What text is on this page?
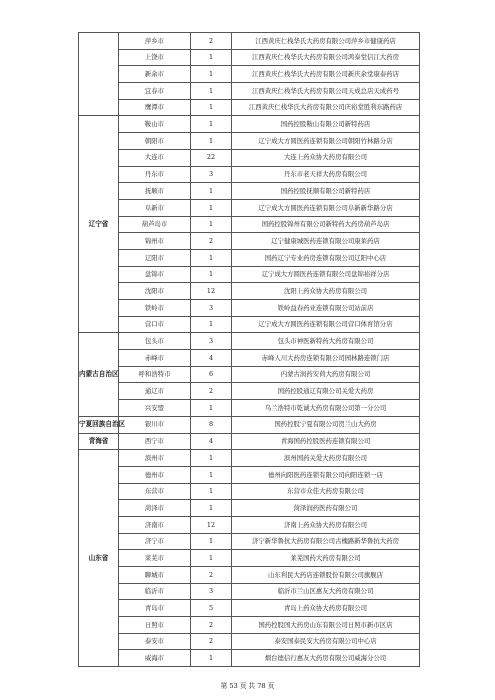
	萍乡市	2	江西黄庆仁栈华氏大药房有限公司萍乡市健康药店
	上饶市	1	江西黄庆仁栈华氏大药房有限公司鸿泰堂信江大药房
	新余市	1	江西黄庆仁栈华氏大药房有限公司新庆余堂康泰药店
	宜春市	1	江西黄庆仁栈华氏大药房有限公司天成总店天成药号
	鹰潭市	1	江西黄庆仁栈华氏大药房有限公司庆裕堂胜利东路药店
辽宁省	鞍山市	1	国药控股鞍山有限公司新特药店
	朝阳市	1	辽宁成大方圆医药连锁有限公司朝阳竹林路分店
	大连市	22	大连上药众协大药房有限公司
	丹东市	3	丹东市老天祥大药房有限公司
	抚顺市	1	国药控股抚顺有限公司新特药店
	阜新市	1	辽宁成大方圆医药连锁有限公司阜新新华路分店
	葫芦岛市	1	国药控股锦州有限公司新特药大药房葫芦岛店
	锦州市	2	辽宁健康城医药连锁有限公司康莱药店
	辽阳市	1	国药辽宁专业药房连锁有限公司辽阳中心店
	盘锦市	1	辽宁成大方圆医药连锁有限公司盘锦裕祥分店
	沈阳市	12	沈阳上药众协大药房有限公司
	铁岭市	3	铁岭益春药业连锁有限公司站前店
	营口市	1	辽宁成大方圆医药连锁有限公司营口体育馆分店
内蒙古自治区	包头市	3	包头市神医新特药大药房有限公司
	赤峰市	4	赤峰人川大药房连锁有限公司园林路连锁门店
	呼和浩特市	6	内蒙古润药安荷大药房有限公司
	通辽市	2	国药控股通辽有限公司关爱大药房
	兴安盟	1	乌兰浩特市乾诚大药房有限公司第一分公司
宁夏回族自治区	银川市	8	国药控股宁夏有限公司贺兰山大药房
青海省	西宁市	4	青海国药控股医药连锁有限公司
山东省	滨州市	1	滨州国药关爱大药房有限公司
	德州市	1	德州向阳医药连锁有限公司向阳连锁一店
	东营市	1	东营市众佳大药房有限公司
	菏泽市	1	菏泽润药医药有限公司
	济南市	12	济南上药众协大药房有限公司
	济宁市	1	济宁新华鲁抗大药房有限公司古槐路新华鲁抗大药房
	莱芜市	1	莱芜国药大药房有限公司
	聊城市	2	山东利民大药店连锁股份有限公司旗舰店
	临沂市	3	临沂市兰山区惠友大药房有限公司
	青岛市	5	青岛上药众协大药房有限公司
	日照市	2	国药控股国大药房山东有限公司日照市新市区店
	泰安市	2	泰安国泰民安大药房有限公司中心店
	威海市	1	烟台德信行惠友大药房有限公司威海分公司
第 53 页 共 78 页
